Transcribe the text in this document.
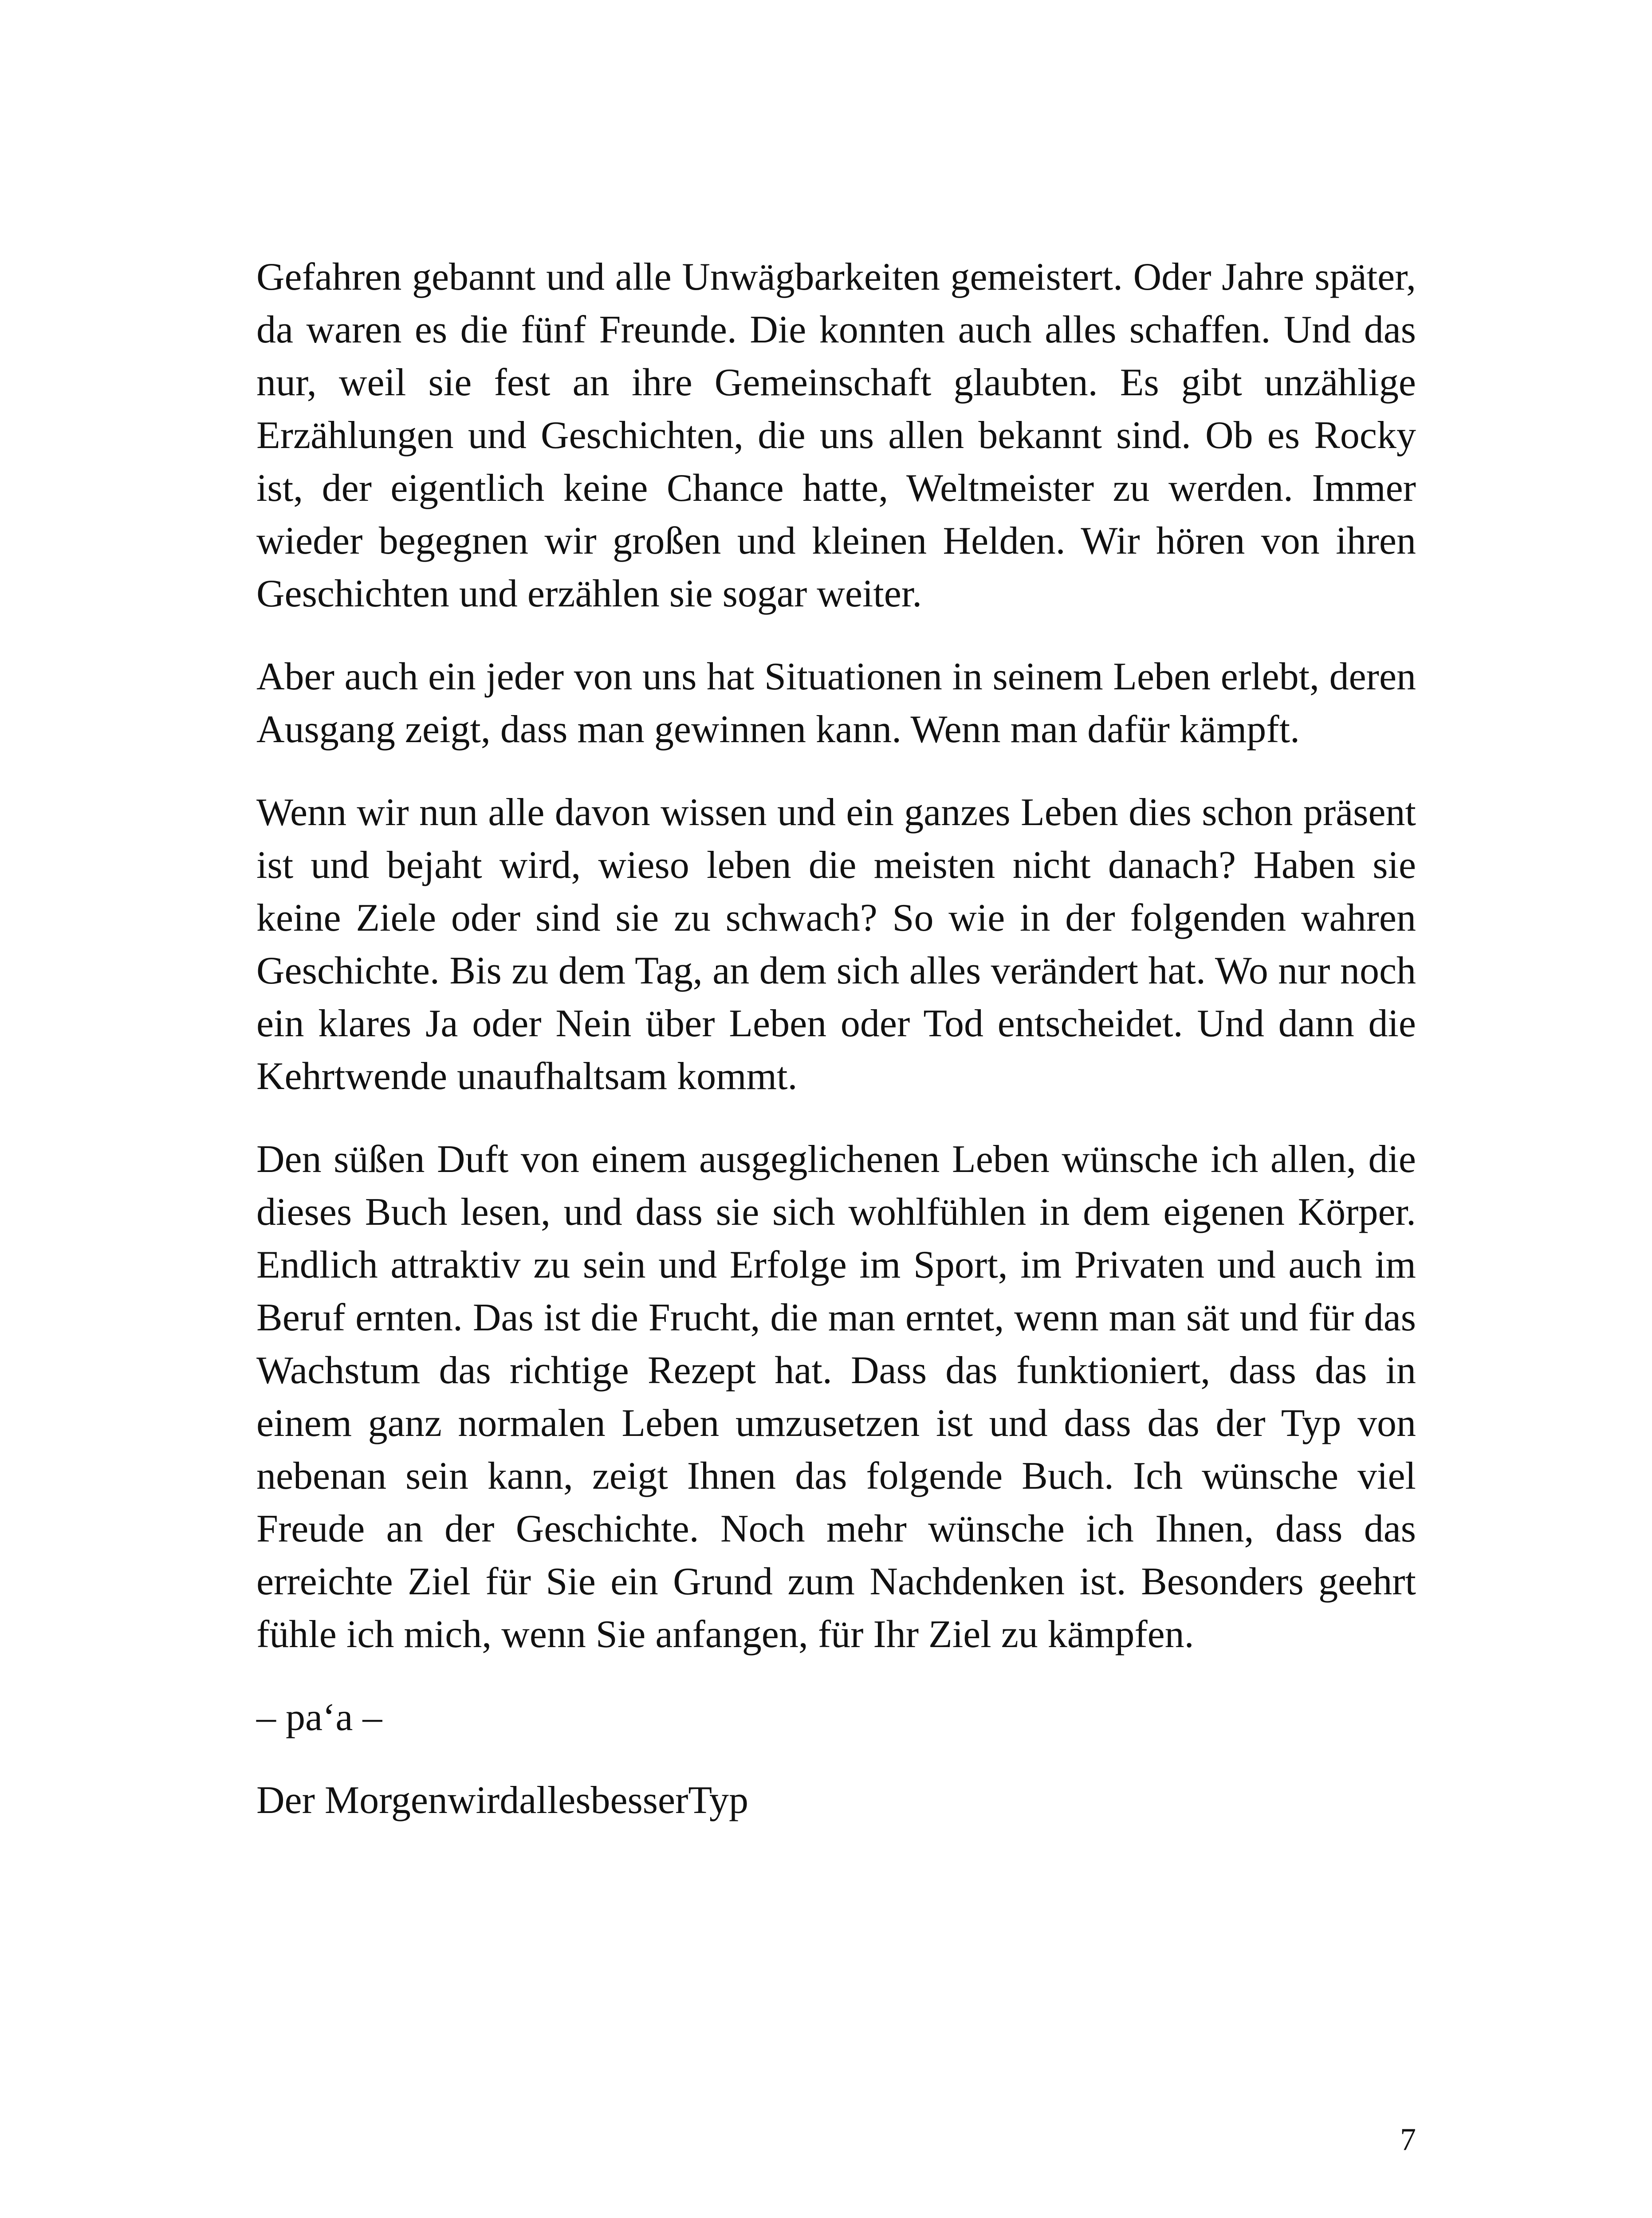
Gefahren gebannt und alle Unwägbarkeiten gemeistert. Oder Jahre später, da waren es die fünf Freunde. Die konnten auch alles schaffen. Und das nur, weil sie fest an ihre Gemeinschaft glaubten. Es gibt unzählige Erzählungen und Geschichten, die uns allen bekannt sind. Ob es Rocky ist, der eigentlich keine Chance hatte, Weltmeister zu werden. Immer wieder begegnen wir großen und kleinen Helden. Wir hören von ihren Geschichten und erzählen sie sogar weiter.

Aber auch ein jeder von uns hat Situationen in seinem Leben erlebt, deren Ausgang zeigt, dass man gewinnen kann. Wenn man dafür kämpft.

Wenn wir nun alle davon wissen und ein ganzes Leben dies schon präsent ist und bejaht wird, wieso leben die meisten nicht danach? Haben sie keine Ziele oder sind sie zu schwach? So wie in der folgenden wahren Geschichte. Bis zu dem Tag, an dem sich alles verändert hat. Wo nur noch ein klares Ja oder Nein über Leben oder Tod entscheidet. Und dann die Kehrtwende unaufhaltsam kommt.

Den süßen Duft von einem ausgeglichenen Leben wünsche ich allen, die dieses Buch lesen, und dass sie sich wohlfühlen in dem eigenen Körper. Endlich attraktiv zu sein und Erfolge im Sport, im Privaten und auch im Beruf ernten. Das ist die Frucht, die man erntet, wenn man sät und für das Wachstum das richtige Rezept hat. Dass das funktioniert, dass das in einem ganz normalen Leben umzusetzen ist und dass das der Typ von nebenan sein kann, zeigt Ihnen das folgende Buch. Ich wünsche viel Freude an der Geschichte. Noch mehr wünsche ich Ihnen, dass das erreichte Ziel für Sie ein Grund zum Nachdenken ist. Besonders geehrt fühle ich mich, wenn Sie anfangen, für Ihr Ziel zu kämpfen.

– pa‘a –

Der MorgenwirdallesbesserTyp

7
